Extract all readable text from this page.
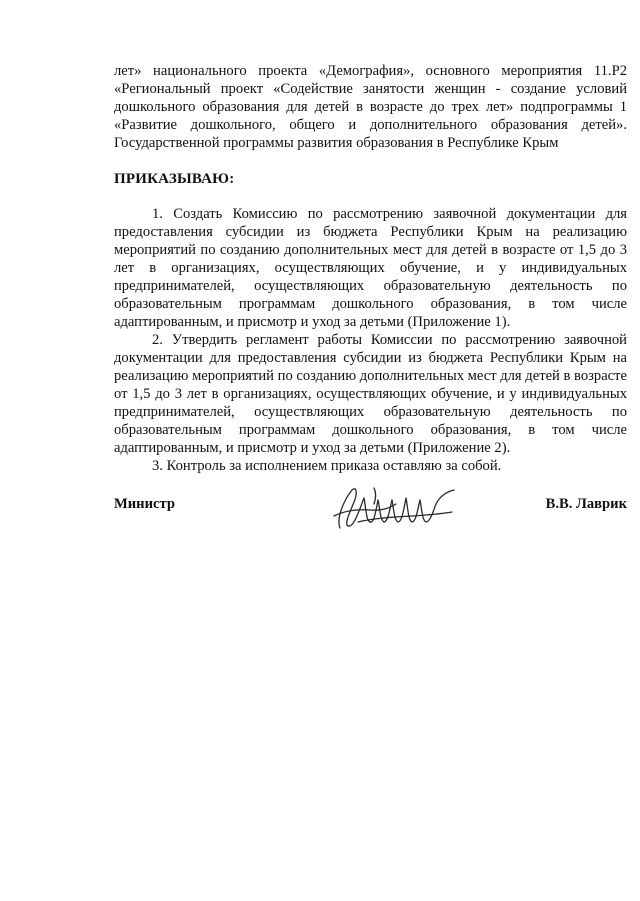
лет» национального проекта «Демография», основного мероприятия 11.Р2 «Региональный проект «Содействие занятости женщин - создание условий дошкольного образования для детей в возрасте до трех лет» подпрограммы 1 «Развитие дошкольного, общего и дополнительного образования детей». Государственной программы развития образования в Республике Крым
ПРИКАЗЫВАЮ:

1. Создать Комиссию по рассмотрению заявочной документации для предоставления субсидии из бюджета Республики Крым на реализацию мероприятий по созданию дополнительных мест для детей в возрасте от 1,5 до 3 лет в организациях, осуществляющих обучение, и у индивидуальных предпринимателей, осуществляющих образовательную деятельность по образовательным программам дошкольного образования, в том числе адаптированным, и присмотр и уход за детьми (Приложение 1).

2. Утвердить регламент работы Комиссии по рассмотрению заявочной документации для предоставления субсидии из бюджета Республики Крым на реализацию мероприятий по созданию дополнительных мест для детей в возрасте от 1,5 до 3 лет в организациях, осуществляющих обучение, и у индивидуальных предпринимателей, осуществляющих образовательную деятельность по образовательным программам дошкольного образования, в том числе адаптированным, и присмотр и уход за детьми (Приложение 2).

3. Контроль за исполнением приказа оставляю за собой.

Министр	В.В. Лаврик
